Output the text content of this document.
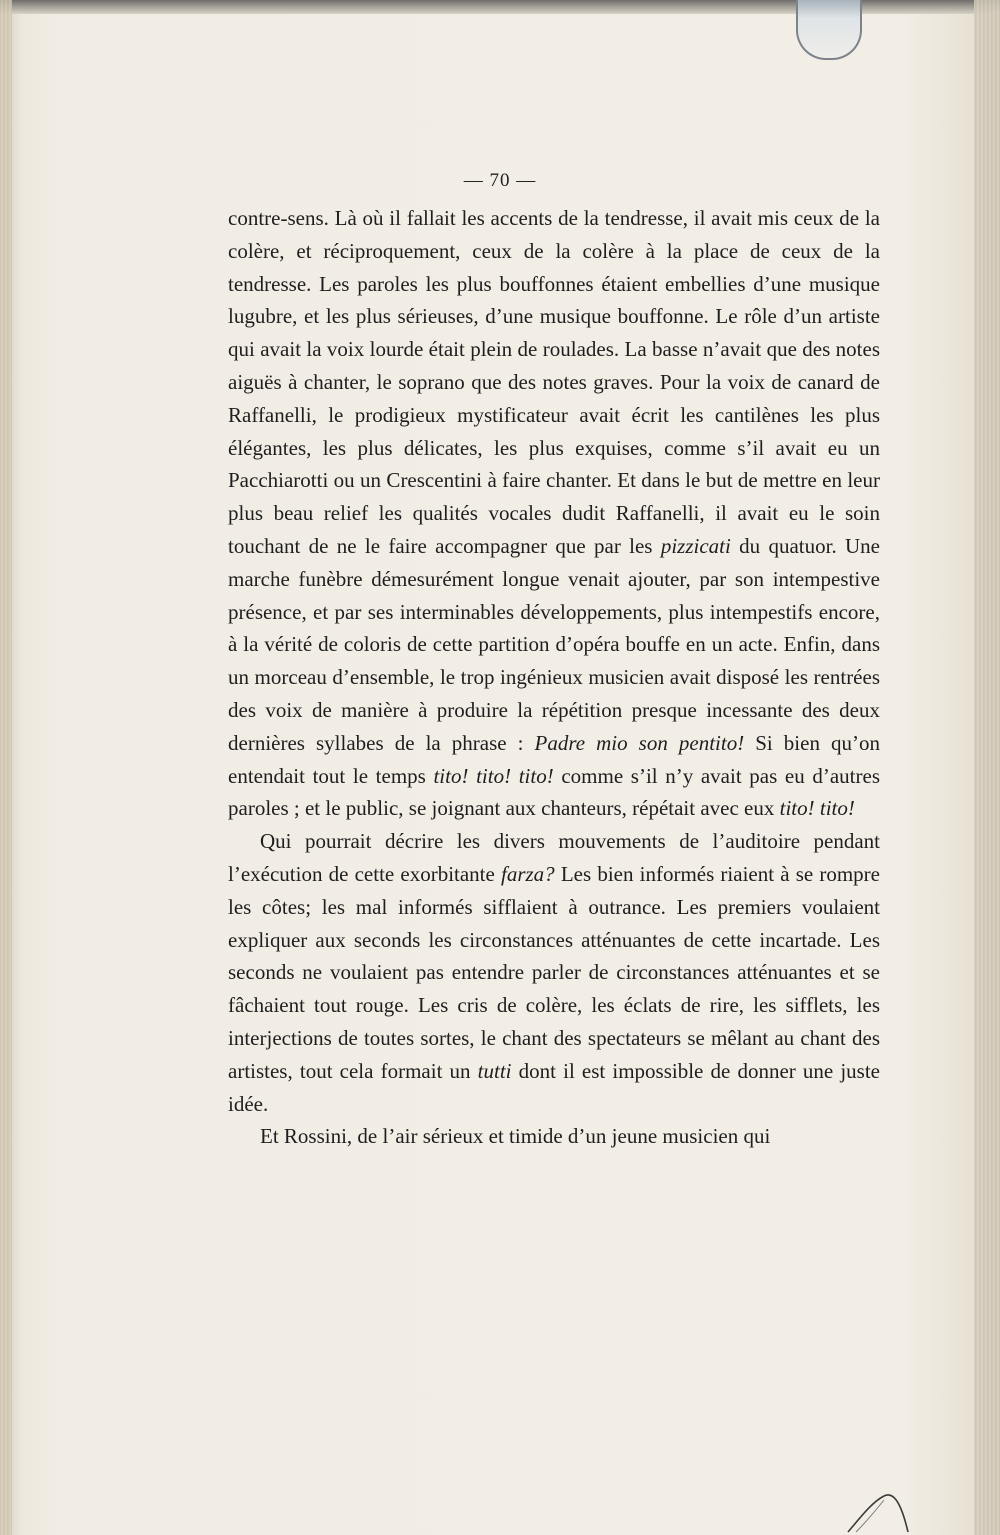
— 70 —

contre-sens. Là où il fallait les accents de la tendresse, il avait mis ceux de la colère, et réciproquement, ceux de la colère à la place de ceux de la tendresse. Les paroles les plus bouffonnes étaient embellies d’une musique lugubre, et les plus sérieuses, d’une musique bouffonne. Le rôle d’un artiste qui avait la voix lourde était plein de roulades. La basse n’avait que des notes aiguës à chanter, le soprano que des notes graves. Pour la voix de canard de Raffanelli, le prodigieux mystificateur avait écrit les cantilènes les plus élégantes, les plus délicates, les plus exquises, comme s’il avait eu un Pacchiarotti ou un Crescentini à faire chanter. Et dans le but de mettre en leur plus beau relief les qualités vocales dudit Raffanelli, il avait eu le soin touchant de ne le faire accompagner que par les pizzicati du quatuor. Une marche funèbre démesurément longue venait ajouter, par son intempestive présence, et par ses interminables développements, plus intempestifs encore, à la vérité de coloris de cette partition d’opéra bouffe en un acte. Enfin, dans un morceau d’ensemble, le trop ingénieux musicien avait disposé les rentrées des voix de manière à produire la répétition presque incessante des deux dernières syllabes de la phrase : Padre mio son pentito! Si bien qu’on entendait tout le temps tito! tito! tito! comme s’il n’y avait pas eu d’autres paroles ; et le public, se joignant aux chanteurs, répétait avec eux tito! tito!

Qui pourrait décrire les divers mouvements de l’auditoire pendant l’exécution de cette exorbitante farza? Les bien informés riaient à se rompre les côtes; les mal informés sifflaient à outrance. Les premiers voulaient expliquer aux seconds les circonstances atténuantes de cette incartade. Les seconds ne voulaient pas entendre parler de circonstances atténuantes et se fâchaient tout rouge. Les cris de colère, les éclats de rire, les sifflets, les interjections de toutes sortes, le chant des spectateurs se mêlant au chant des artistes, tout cela formait un tutti dont il est impossible de donner une juste idée.

Et Rossini, de l’air sérieux et timide d’un jeune musicien qui
